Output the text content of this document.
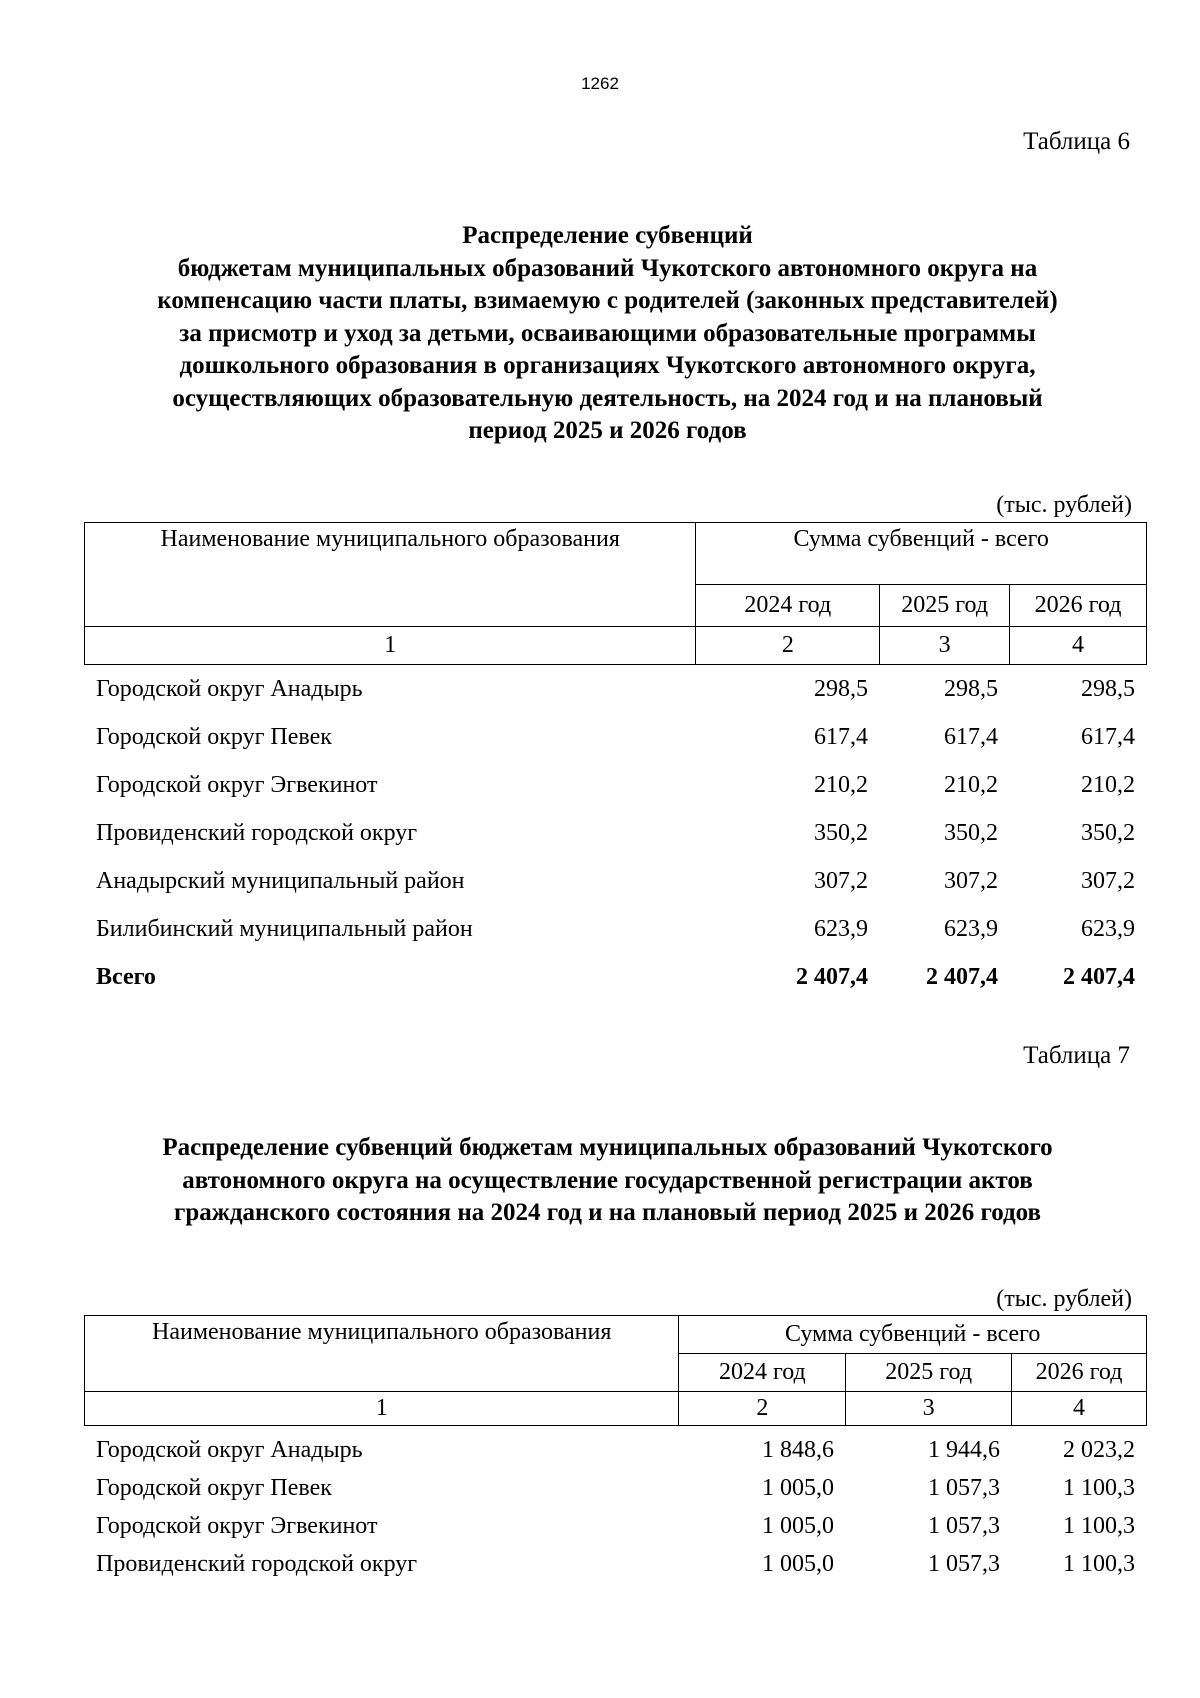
1262
Таблица 6
Распределение субвенций
бюджетам муниципальных образований Чукотского автономного округа на
компенсацию части платы, взимаемую с родителей (законных представителей)
за присмотр и уход за детьми, осваивающими образовательные программы
дошкольного образования в организациях Чукотского автономного округа,
осуществляющих образовательную деятельность, на 2024 год и на плановый
период 2025 и 2026 годов
(тыс. рублей)
Наименование муниципального образования	Сумма субвенций - всего		
	2024 год	2025 год	2026 год
1	2	3	4
Городской округ Анадырь	298,5	298,5	298,5
Городской округ Певек	617,4	617,4	617,4
Городской округ Эгвекинот	210,2	210,2	210,2
Провиденский городской округ	350,2	350,2	350,2
Анадырский муниципальный район	307,2	307,2	307,2
Билибинский муниципальный район	623,9	623,9	623,9
Всего	2 407,4	2 407,4	2 407,4
Таблица 7
Распределение субвенций бюджетам муниципальных образований Чукотского
автономного округа на осуществление государственной регистрации актов
гражданского состояния на 2024 год и на плановый период 2025 и 2026 годов
(тыс. рублей)
Наименование муниципального образования	Сумма субвенций - всего		
	2024 год	2025 год	2026 год
1	2	3	4
Городской округ Анадырь	1 848,6	1 944,6	2 023,2
Городской округ Певек	1 005,0	1 057,3	1 100,3
Городской округ Эгвекинот	1 005,0	1 057,3	1 100,3
Провиденский городской округ	1 005,0	1 057,3	1 100,3
